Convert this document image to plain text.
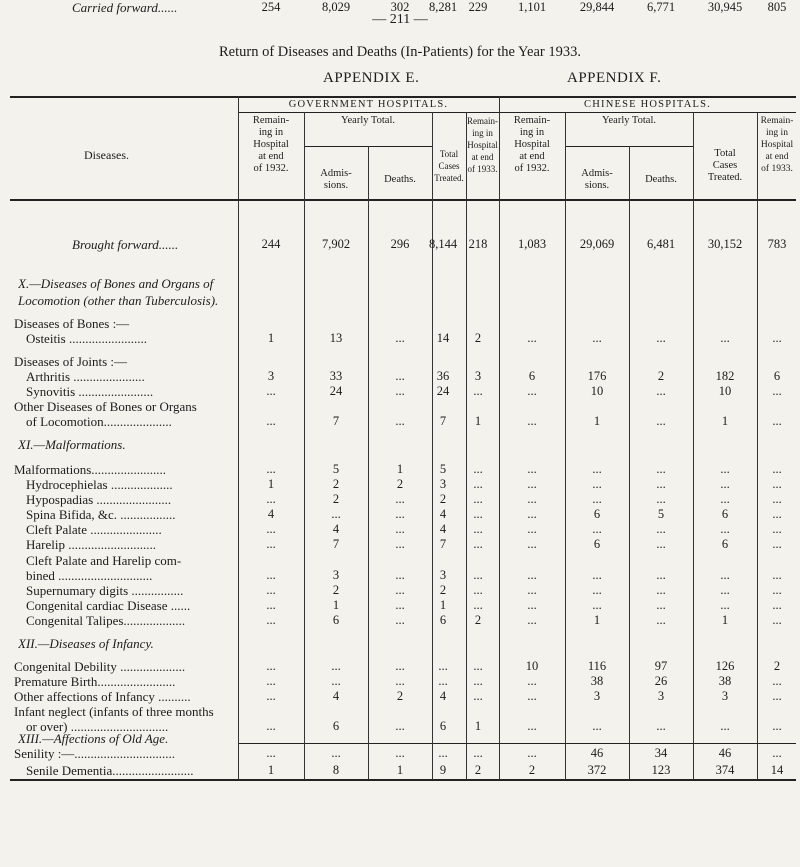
— 211 —
Return of Diseases and Deaths (In-Patients) for the Year 1933.
APPENDIX E.	APPENDIX F.
GOVERNMENT HOSPITALS.	CHINESE HOSPITALS.
Diseases.
Remain-
ing in
Hospital
at end
of 1932.
Yearly Total.
Admis-
sions.
Deaths.
Total
Cases
Treated.
Remain-
ing in
Hospital
at end
of 1933.
Remain-
ing in
Hospital
at end
of 1932.
Yearly Total.
Admis-
sions.
Deaths.
Total
Cases
Treated.
Remain-
ing in
Hospital
at end
of 1933.
Brought forward......	244	7,902	296	8,144 218	1,083	29,069	6,481	30,152	783
X.—Diseases of Bones and Organs of
Locomotion (other than Tuberculosis).
Diseases of Bones :—
Osteitis ........................	1	13	...	14	2	...	...	...	...	...
Diseases of Joints :—
Arthritis ......................	3	33	...	36	3	6	176	2	182	6
Synovitis .......................	...	24	...	24	...	...	10	...	10	...
Other Diseases of Bones or Organs
of Locomotion.....................	...	7	...	7	1	...	1	...	1	...
XI.—Malformations.
Malformations.......................	...	5	1	5	...	...	...	...	...	...
Hydrocephielas ...................	1	2	2	3	...	...	...	...	...	...
Hypospadias .......................	...	2	...	2	...	...	...	...	...	...
Spina Bifida, &c. .................	4	...	...	4	...	...	6	5	6	...
Cleft Palate ......................	...	4	...	4	...	...	...	...	...	...
Harelip ...........................	...	7	...	7	...	...	6	...	6	...
Cleft Palate and Harelip com-
bined .............................	...	3	...	3	...	...	...	...	...	...
Supernumary digits ................	...	2	...	2	...	...	...	...	...	...
Congenital cardiac Disease ......	...	1	...	1	...	...	...	...	...	...
Congenital Talipes...................	...	6	...	6	2	...	1	...	1	...
XII.—Diseases of Infancy.
Congenital Debility ....................	...	...	...	...	...	10	116	97	126	2
Premature Birth........................	...	...	...	...	...	...	38	26	38	...
Other affections of Infancy ..........	...	4	2	4	...	...	3	3	3	...
Infant neglect (infants of three months
or over) ..............................	...	6	...	6	1	...	...	...	...	...
XIII.—Affections of Old Age.
Senility :—...............................	...	...	...	...	...	...	46	34	46	...
Senile Dementia.........................	1	8	1	9	2	2	372	123	374	14
Carried forward......	254	8,029	302	8,281 229	1,101	29,844	6,771	30,945	805
